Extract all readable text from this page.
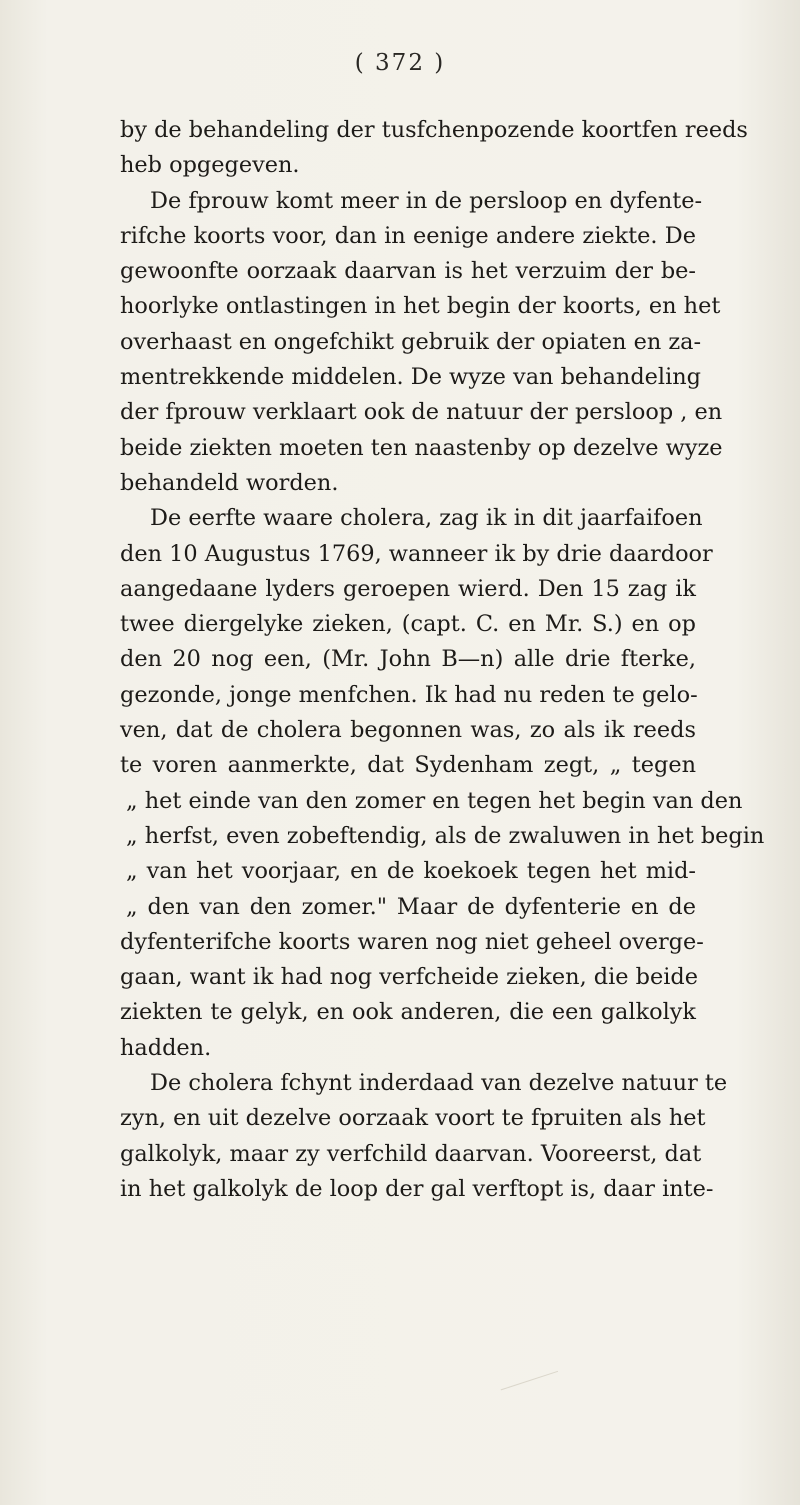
( 372 )
by de behandeling der tusfchenpozende koortfen reeds
heb opgegeven.
De fprouw komt meer in de persloop en dyfente-
rifche koorts voor, dan in eenige andere ziekte. De
gewoonfte oorzaak daarvan is het verzuim der be-
hoorlyke ontlastingen in het begin der koorts, en het
overhaast en ongefchikt gebruik der opiaten en za-
mentrekkende middelen. De wyze van behandeling
der fprouw verklaart ook de natuur der persloop , en
beide ziekten moeten ten naastenby op dezelve wyze
behandeld worden.
De eerfte waare cholera, zag ik in dit jaarfaifoen
den 10 Augustus 1769, wanneer ik by drie daardoor
aangedaane lyders geroepen wierd. Den 15 zag ik
twee diergelyke zieken, (capt. C. en Mr. S.) en op
den 20 nog een, (Mr. John B—n) alle drie fterke,
gezonde, jonge menfchen. Ik had nu reden te gelo-
ven, dat de cholera begonnen was, zo als ik reeds
te voren aanmerkte, dat Sydenham zegt, „ tegen
„ het einde van den zomer en tegen het begin van den
„ herfst, even zobeftendig, als de zwaluwen in het begin
„ van het voorjaar, en de koekoek tegen het mid-
„ den van den zomer." Maar de dyfenterie en de
dyfenterifche koorts waren nog niet geheel overge-
gaan, want ik had nog verfcheide zieken, die beide
ziekten te gelyk, en ook anderen, die een galkolyk
hadden.
De cholera fchynt inderdaad van dezelve natuur te
zyn, en uit dezelve oorzaak voort te fpruiten als het
galkolyk, maar zy verfchild daarvan. Vooreerst, dat
in het galkolyk de loop der gal verftopt is, daar inte-
